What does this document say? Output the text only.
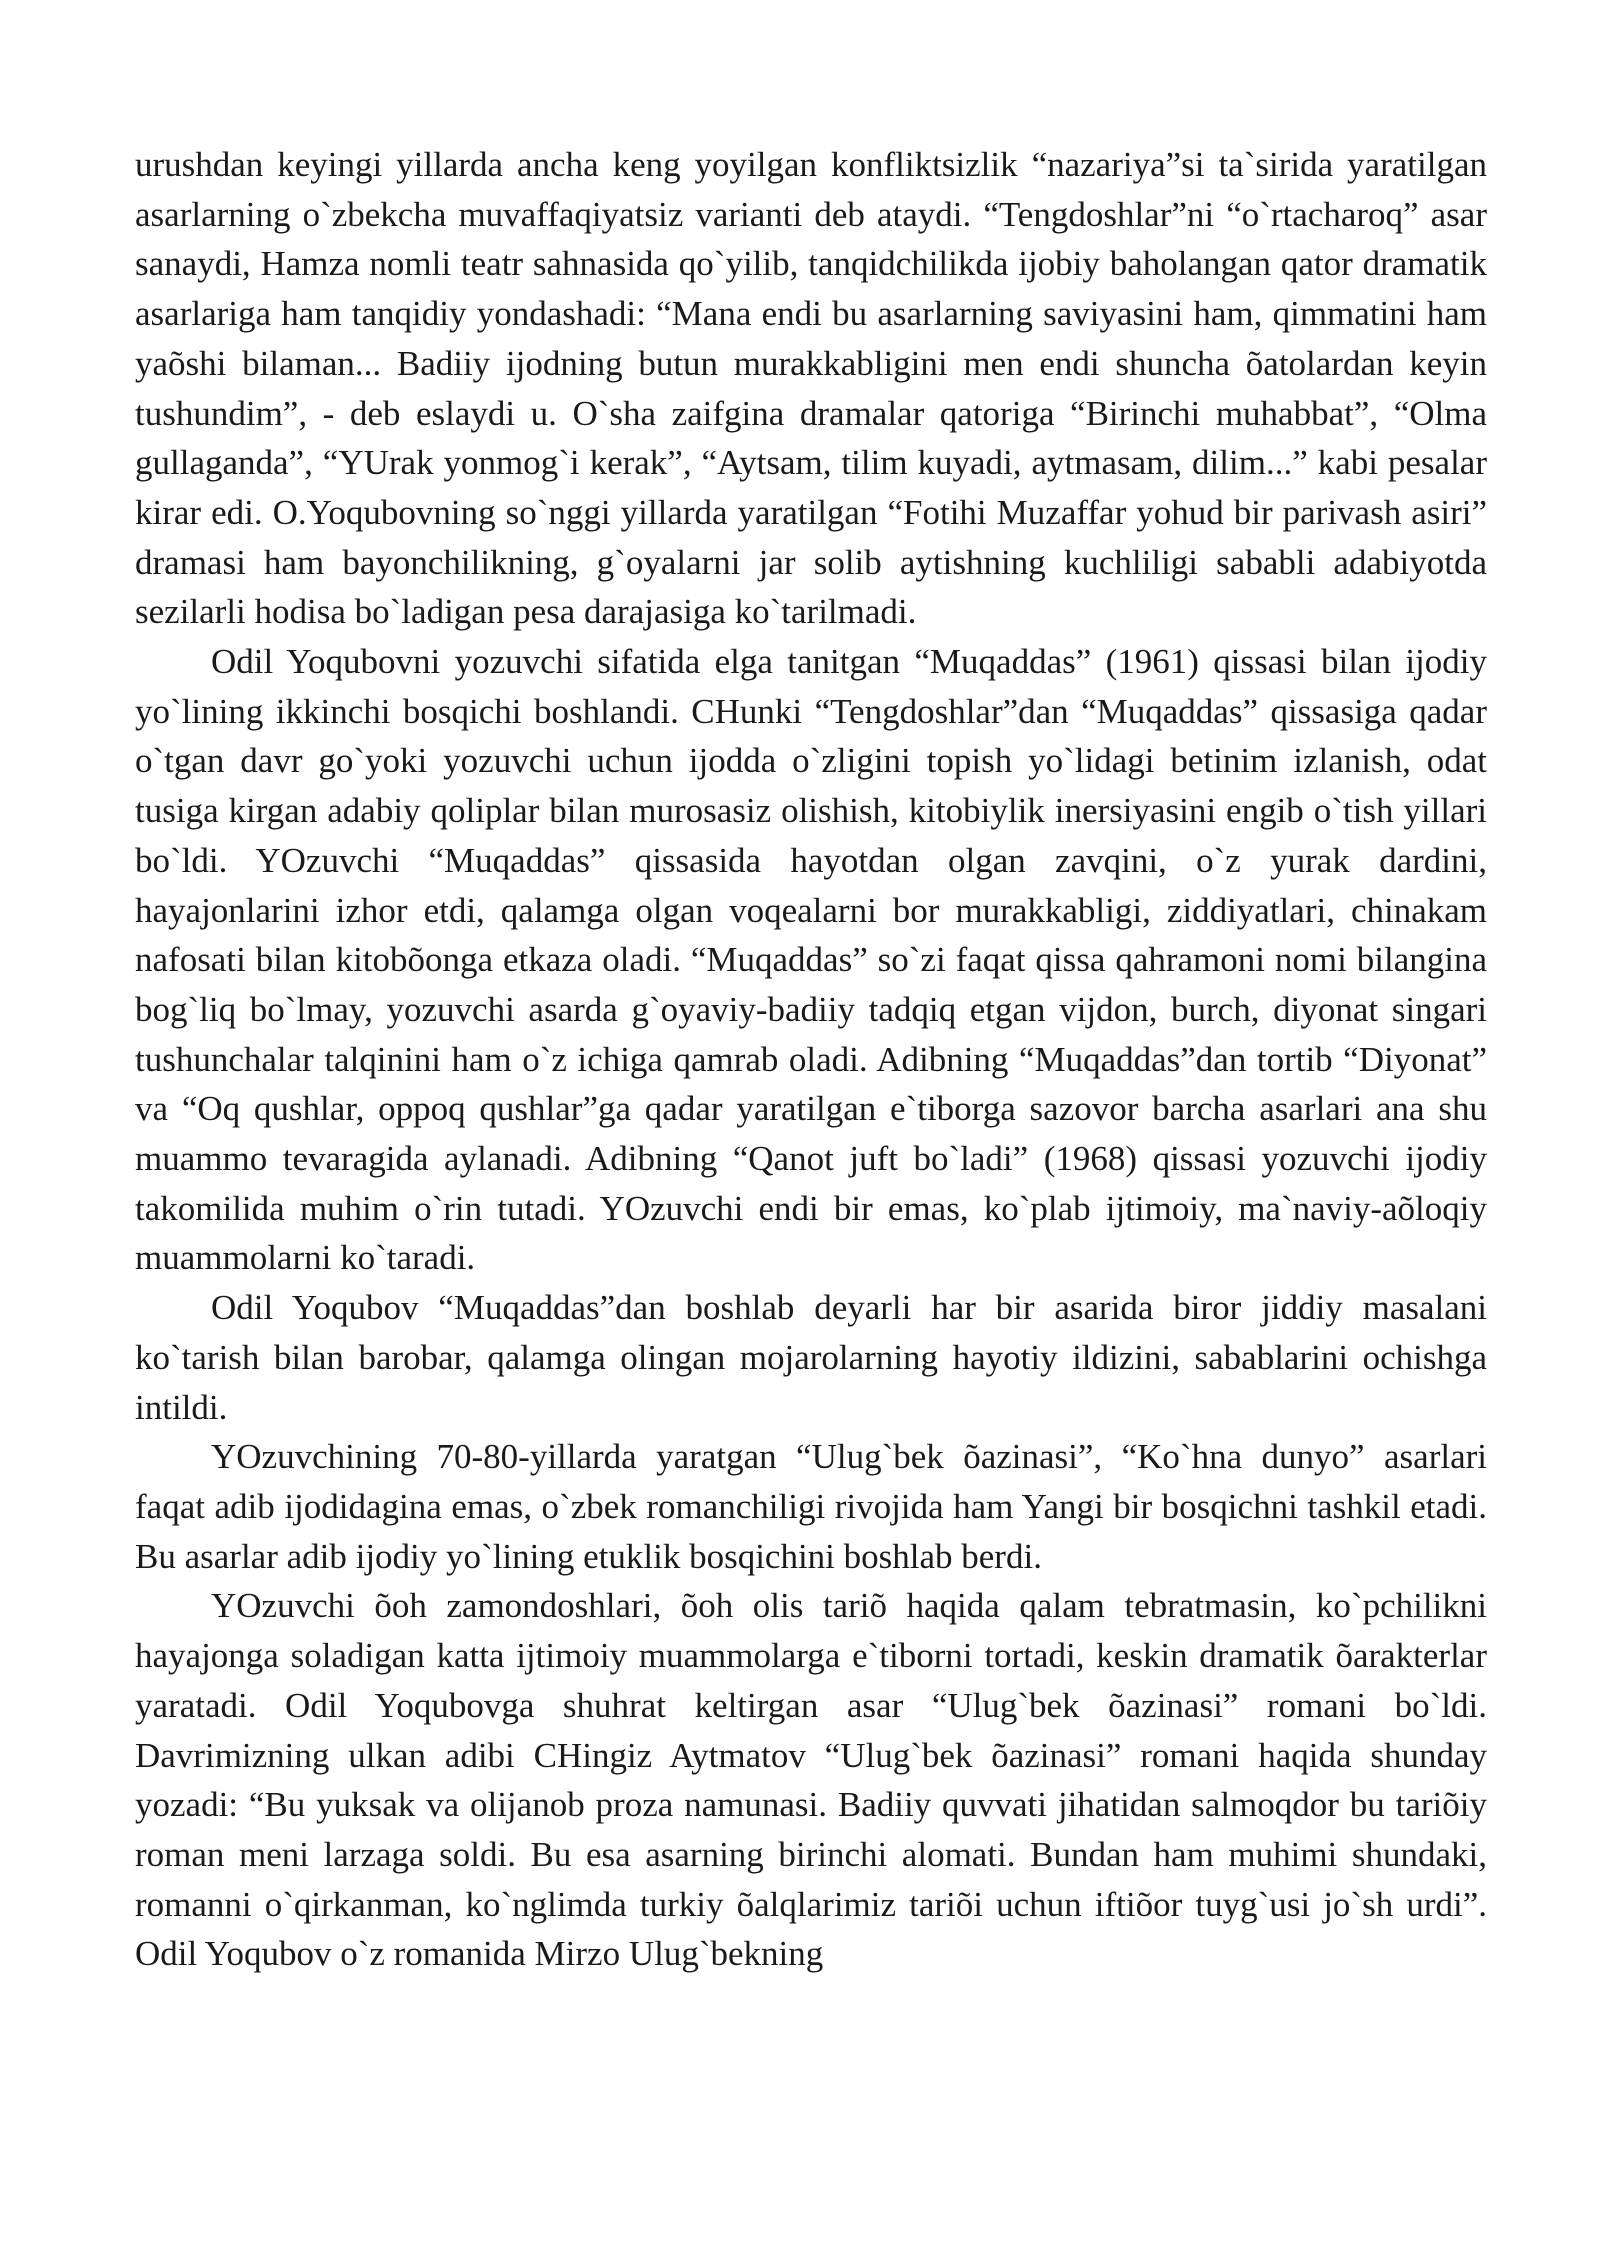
urushdan keyingi yillarda ancha keng yoyilgan konfliktsizlik “nazariya”si ta`sirida yaratilgan asarlarning o`zbekcha muvaffaqiyatsiz varianti deb ataydi. “Tengdoshlar”ni “o`rtacharoq” asar sanaydi, Hamza nomli teatr sahnasida qo`yilib, tanqidchilikda ijobiy baholangan qator dramatik asarlariga ham tanqidiy yondashadi: “Mana endi bu asarlarning saviyasini ham, qimmatini ham yaõshi bilaman... Badiiy ijodning butun murakkabligini men endi shuncha õatolardan keyin tushundim”, - deb eslaydi u. O`sha zaifgina dramalar qatoriga “Birinchi muhabbat”, “Olma gullaganda”, “YUrak yonmog`i kerak”, “Aytsam, tilim kuyadi, aytmasam, dilim...” kabi pesalar kirar edi. O.Yoqubovning so`nggi yillarda yaratilgan “Fotihi Muzaffar yohud bir parivash asiri” dramasi ham bayonchilikning, g`oyalarni jar solib aytishning kuchliligi sababli adabiyotda sezilarli hodisa bo`ladigan pesa darajasiga ko`tarilmadi.

Odil Yoqubovni yozuvchi sifatida elga tanitgan “Muqaddas” (1961) qissasi bilan ijodiy yo`lining ikkinchi bosqichi boshlandi. CHunki “Tengdoshlar”dan “Muqaddas” qissasiga qadar o`tgan davr go`yoki yozuvchi uchun ijodda o`zligini topish yo`lidagi betinim izlanish, odat tusiga kirgan adabiy qoliplar bilan murosasiz olishish, kitobiylik inersiyasini engib o`tish yillari bo`ldi. YOzuvchi “Muqaddas” qissasida hayotdan olgan zavqini, o`z yurak dardini, hayajonlarini izhor etdi, qalamga olgan voqealarni bor murakkabligi, ziddiyatlari, chinakam nafosati bilan kitobõonga etkaza oladi. “Muqaddas” so`zi faqat qissa qahramoni nomi bilangina bog`liq bo`lmay, yozuvchi asarda g`oyaviy-badiiy tadqiq etgan vijdon, burch, diyonat singari tushunchalar talqinini ham o`z ichiga qamrab oladi. Adibning “Muqaddas”dan tortib “Diyonat” va “Oq qushlar, oppoq qushlar”ga qadar yaratilgan e`tiborga sazovor barcha asarlari ana shu muammo tevaragida aylanadi. Adibning “Qanot juft bo`ladi” (1968) qissasi yozuvchi ijodiy takomilida muhim o`rin tutadi. YOzuvchi endi bir emas, ko`plab ijtimoiy, ma`naviy-aõloqiy muammolarni ko`taradi.

Odil Yoqubov “Muqaddas”dan boshlab deyarli har bir asarida biror jiddiy masalani ko`tarish bilan barobar, qalamga olingan mojarolarning hayotiy ildizini, sabablarini ochishga intildi.

YOzuvchining 70-80-yillarda yaratgan “Ulug`bek õazinasi”, “Ko`hna dunyo” asarlari faqat adib ijodidagina emas, o`zbek romanchiligi rivojida ham Yangi bir bosqichni tashkil etadi. Bu asarlar adib ijodiy yo`lining etuklik bosqichini boshlab berdi.

YOzuvchi õoh zamondoshlari, õoh olis tariõ haqida qalam tebratmasin, ko`pchilikni hayajonga soladigan katta ijtimoiy muammolarga e`tiborni tortadi, keskin dramatik õarakterlar yaratadi. Odil Yoqubovga shuhrat keltirgan asar “Ulug`bek õazinasi” romani bo`ldi. Davrimizning ulkan adibi CHingiz Aytmatov “Ulug`bek õazinasi” romani haqida shunday yozadi: “Bu yuksak va olijanob proza namunasi. Badiiy quvvati jihatidan salmoqdor bu tariõiy roman meni larzaga soldi. Bu esa asarning birinchi alomati. Bundan ham muhimi shundaki, romanni o`qirkanman, ko`nglimda turkiy õalqlarimiz tariõi uchun iftiõor tuyg`usi jo`sh urdi”. Odil Yoqubov o`z romanida Mirzo Ulug`bekning
